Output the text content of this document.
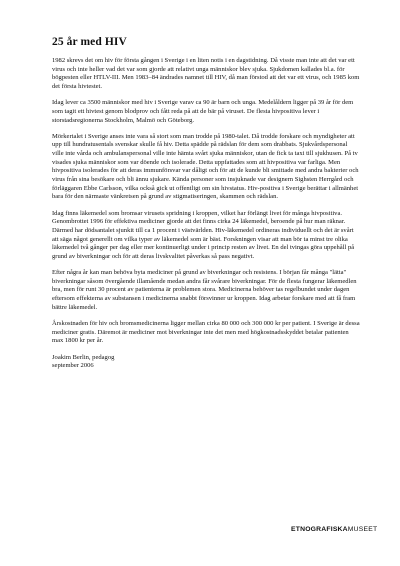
25 år med HIV

1982 skrevs det om hiv för första gången i Sverige i en liten notis i en dagstidning. Då visste man inte att det var ett virus och inte heller vad det var som gjorde att relativt unga människor blev sjuka. Sjukdomen kallades bl.a. för bögpesten eller HTLV-III. Men 1983–84 ändrades namnet till HIV, då man förstod att det var ett virus, och 1985 kom det första hivtestet.

Idag lever ca 3500 människor med hiv i Sverige varav ca 90 är barn och unga. Medelåldern ligger på 39 år för dem som tagit ett hivtest genom blodprov och fått reda på att de bär på viruset. De flesta hivpositiva lever i storstadsregionerna Stockholm, Malmö och Göteborg.

Mörkertalet i Sverige anses inte vara så stort som man trodde på 1980-talet. Då trodde forskare och myndigheter att upp till hundratusentals svenskar skulle få hiv. Detta spädde på rädslan för dem som drabbats. Sjukvårdspersonal ville inte vårda och ambulanspersonal ville inte hämta svårt sjuka människor, utan de fick ta taxi till sjukhusen. På tv visades sjuka människor som var döende och isolerade. Detta uppfattades som att hivpositiva var farliga. Men hivpositiva isolerades för att deras immunförsvar var dåligt och för att de kunde bli smittade med andra bakterier och virus från sina besökare och bli ännu sjukare. Kända personer som insjuknade var designern Sighsten Herrgård och förläggaren Ebbe Carlsson, vilka också gick ut offentligt om sin hivstatus. Hiv-positiva i Sverige berättar i allmänhet bara för den närmaste vänkretsen på grund av stigmatiseringen, skammen och rädslan.

Idag finns läkemedel som bromsar virusets spridning i kroppen, vilket har förlängt livet för många hivpositiva. Genombrottet 1996 för effektiva mediciner gjorde att det finns cirka 24 läkemedel, beroende på hur man räknar. Därmed har dödsantalet sjunkit till ca 1 procent i västvärlden. Hiv-läkemedel ordineras individuellt och det är svårt att säga något generellt om vilka typer av läkemedel som är bäst. Forskningen visar att man bör ta minst tre olika läkemedel två gånger per dag eller mer kontinuerligt under i princip resten av livet. En del tvingas göra uppehåll på grund av biverkningar och för att deras livskvalitet påverkas så pass negativt.

Efter några år kan man behöva byta mediciner på grund av biverkningar och resistens. I början får många "lätta" biverkningar såsom övergående illamående medan andra får svårare biverkningar. För de flesta fungerar läkemedlen bra, men för runt 30 procent av patienterna är problemen stora. Medicinerna behöver tas regelbundet under dagen eftersom effekterna av substansen i medicinerna snabbt försvinner ur kroppen. Idag arbetar forskare med att få fram bättre läkemedel.

Årskostnaden för hiv och bromsmedicinerna ligger mellan cirka 80 000 och 300 000 kr per patient. I Sverige är dessa mediciner gratis. Däremot är mediciner mot biverkningar inte det men med högkostnadsskyddet betalar patienten max 1800 kr per år.

Joakim Berlin, pedagog
september 2006
ETNOGRAFISKAMUSEET
